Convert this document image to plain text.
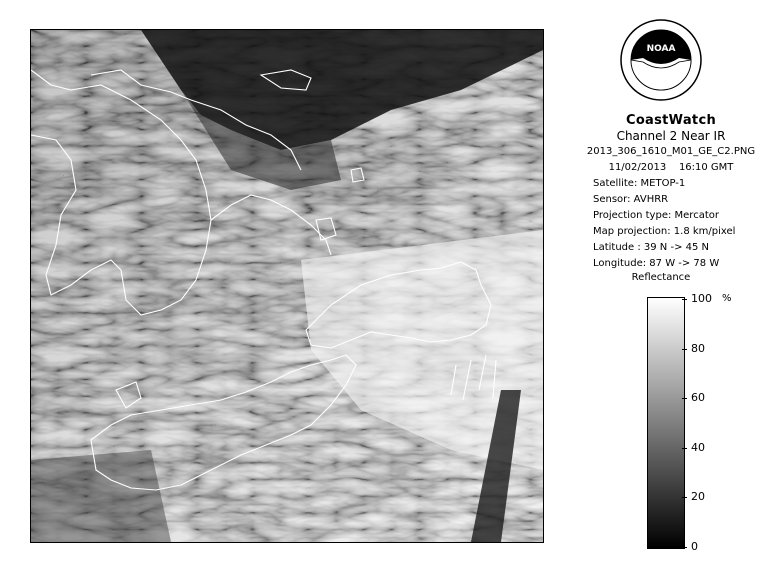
NOAA
CoastWatch
Channel 2 Near IR
2013_306_1610_M01_GE_C2.PNG
11/02/2013 16:10 GMT
Satellite: METOP-1
Sensor: AVHRR
Projection type: Mercator
Map projection: 1.8 km/pixel
Latitude : 39 N -> 45 N
Longitude: 87 W -> 78 W
Reflectance
%
100
80
60
40
20
0
